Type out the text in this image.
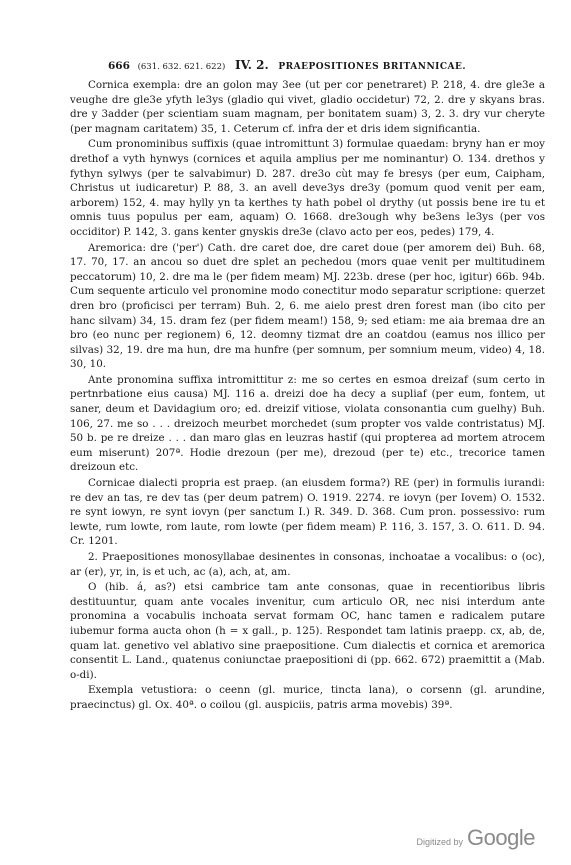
666 (631. 632. 621. 622) IV. 2. PRAEPOSITIONES BRITANNICAE.

Cornica exempla: dre an golon may 3ee (ut per cor penetraret) P. 218, 4. dre gle3e a veughe dre gle3e yfyth le3ys (gladio qui vivet, gladio occidetur) 72, 2. dre y skyans bras. dre y 3adder (per scientiam suam magnam, per bonitatem suam) 3, 2. 3. dry vur cheryte (per magnam caritatem) 35, 1. Ceterum cf. infra der et dris idem significantia.

Cum pronominibus suffixis (quae intromittunt 3) formulae quaedam: bryny han er moy drethof a vyth hynwys (cornices et aquila amplius per me nominantur) O. 134. drethos y fythyn sylwys (per te salvabimur) D. 287. dre3o cùt may fe bresys (per eum, Caipham, Christus ut iudicaretur) P. 88, 3. an avell deve3ys dre3y (pomum quod venit per eam, arborem) 152, 4. may hylly yn ta kerthes ty hath pobel ol drythy (ut possis bene ire tu et omnis tuus populus per eam, aquam) O. 1668. dre3ough why be3ens le3ys (per vos occiditor) P. 142, 3. gans kenter gnyskis dre3e (clavo acto per eos, pedes) 179, 4.

Aremorica: dre ('per') Cath. dre caret doe, dre caret doue (per amorem dei) Buh. 68, 17. 70, 17. an ancou so duet dre splet an pechedou (mors quae venit per multitudinem peccatorum) 10, 2. dre ma le (per fidem meam) MJ. 223b. drese (per hoc, igitur) 66b. 94b. Cum sequente articulo vel pronomine modo conectitur modo separatur scriptione: querzet dren bro (proficisci per terram) Buh. 2, 6. me aielo prest dren forest man (ibo cito per hanc silvam) 34, 15. dram fez (per fidem meam!) 158, 9; sed etiam: me aia bremaa dre an bro (eo nunc per regionem) 6, 12. deomny tizmat dre an coatdou (eamus nos illico per silvas) 32, 19. dre ma hun, dre ma hunfre (per somnum, per somnium meum, video) 4, 18. 30, 10.

Ante pronomina suffixa intromittitur z: me so certes en esmoa dreizaf (sum certo in pertnrbatione eius causa) MJ. 116 a. dreizi doe ha decy a supliaf (per eum, fontem, ut saner, deum et Davidagium oro; ed. dreizif vitiose, violata consonantia cum guelhy) Buh. 106, 27. me so . . . dreizoch meurbet morchedet (sum propter vos valde contristatus) MJ. 50 b. pe re dreize . . . dan maro glas en leuzras hastif (qui propterea ad mortem atrocem eum miserunt) 207ª. Hodie drezoun (per me), drezoud (per te) etc., trecorice tamen dreizoun etc.

Cornicae dialecti propria est praep. (an eiusdem forma?) RE (per) in formulis iurandi: re dev an tas, re dev tas (per deum patrem) O. 1919. 2274. re iovyn (per Iovem) O. 1532. re synt iowyn, re synt iovyn (per sanctum I.) R. 349. D. 368. Cum pron. possessivo: rum lewte, rum lowte, rom laute, rom lowte (per fidem meam) P. 116, 3. 157, 3. O. 611. D. 94. Cr. 1201.

2. Praepositiones monosyllabae desinentes in consonas, inchoatae a vocalibus: o (oc), ar (er), yr, in, is et uch, ac (a), ach, at, am.

O (hib. á, as?) etsi cambrice tam ante consonas, quae in recentioribus libris destituuntur, quam ante vocales invenitur, cum articulo OR, nec nisi interdum ante pronomina a vocabulis inchoata servat formam OC, hanc tamen e radicalem putare iubemur forma aucta ohon (h = x gall., p. 125). Respondet tam latinis praepp. cx, ab, de, quam lat. genetivo vel ablativo sine praepositione. Cum dialectis et cornica et aremorica consentit L. Land., quatenus coniunctae praepositioni di (pp. 662. 672) praemittit a (Mab. o-di).

Exempla vetustiora: o ceenn (gl. murice, tincta lana), o corsenn (gl. arundine, praecinctus) gl. Ox. 40ª. o coilou (gl. auspiciis, patris arma movebis) 39ª.

Digitized by Google
